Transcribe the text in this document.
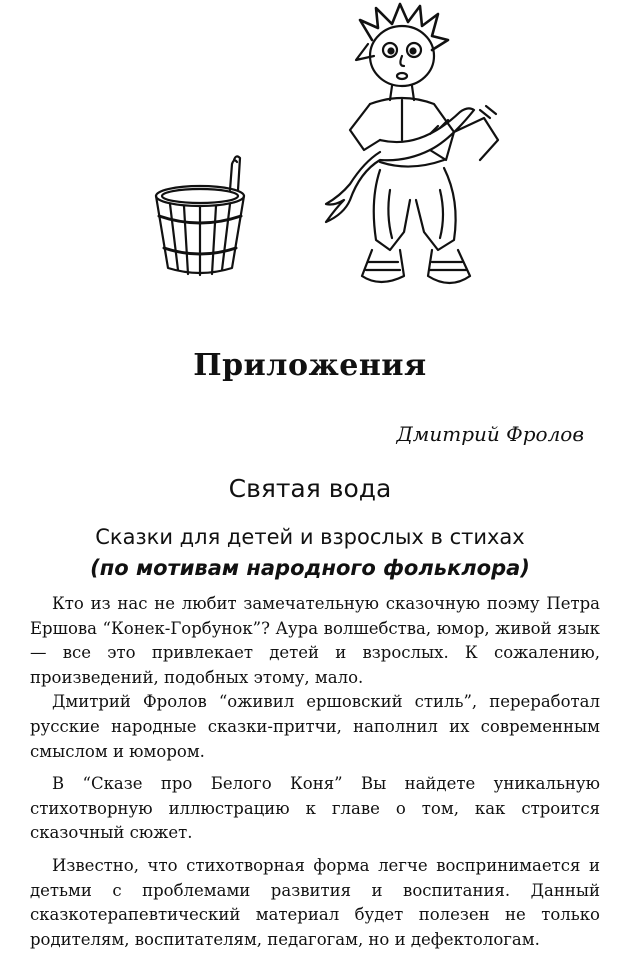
Приложения
Дмитрий Фролов
Святая вода
Сказки для детей и взрослых в стихах
(по мотивам народного фольклора)

Кто из нас не любит замечательную сказочную поэму Петра Ершова “Конек-Горбунок”? Аура волшебства, юмор, живой язык — все это привлекает детей и взрослых. К сожалению, произведений, подобных этому, мало.

Дмитрий Фролов “оживил ершовский стиль”, переработал русские народные сказки-притчи, наполнил их современным смыслом и юмором.

В “Сказе про Белого Коня” Вы найдете уникальную стихотворную иллюстрацию к главе о том, как строится сказочный сюжет.

Известно, что стихотворная форма легче воспринимается и детьми с проблемами развития и воспитания. Данный сказкотерапевтический материал будет полезен не только родителям, воспитателям, педагогам, но и дефектологам.
